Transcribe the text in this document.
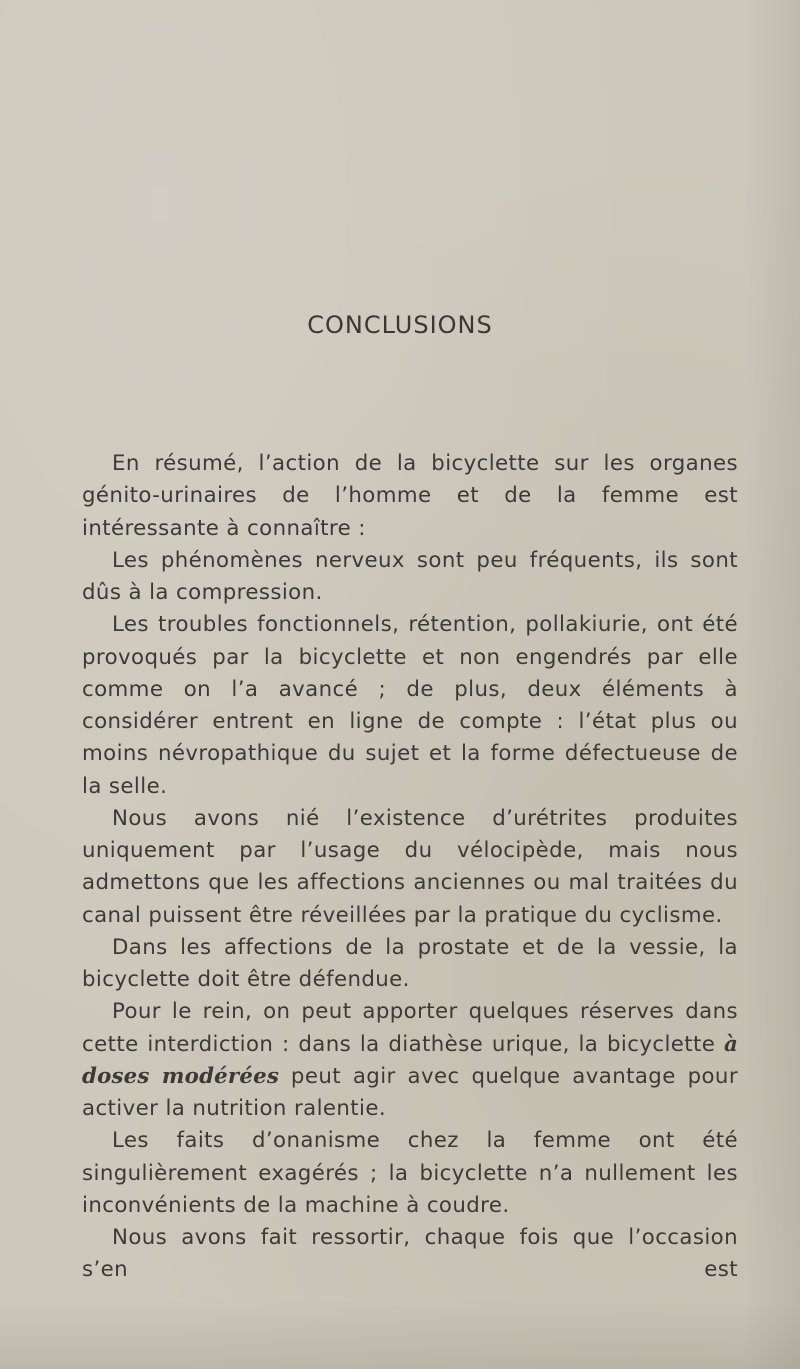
CONCLUSIONS

En résumé, l’action de la bicyclette sur les organes génito-urinaires de l’homme et de la femme est intéressante à connaître :

Les phénomènes nerveux sont peu fréquents, ils sont dûs à la compression.

Les troubles fonctionnels, rétention, pollakiurie, ont été provoqués par la bicyclette et non engendrés par elle comme on l’a avancé ; de plus, deux éléments à considérer entrent en ligne de compte : l’état plus ou moins névropathique du sujet et la forme défectueuse de la selle.

Nous avons nié l’existence d’urétrites produites uniquement par l’usage du vélocipède, mais nous admettons que les affections anciennes ou mal traitées du canal puissent être réveillées par la pratique du cyclisme.

Dans les affections de la prostate et de la vessie, la bicyclette doit être défendue.

Pour le rein, on peut apporter quelques réserves dans cette interdiction : dans la diathèse urique, la bicyclette à doses modérées peut agir avec quelque avantage pour activer la nutrition ralentie.

Les faits d’onanisme chez la femme ont été singulièrement exagérés ; la bicyclette n’a nullement les inconvénients de la machine à coudre.

Nous avons fait ressortir, chaque fois que l’occasion s’en est
